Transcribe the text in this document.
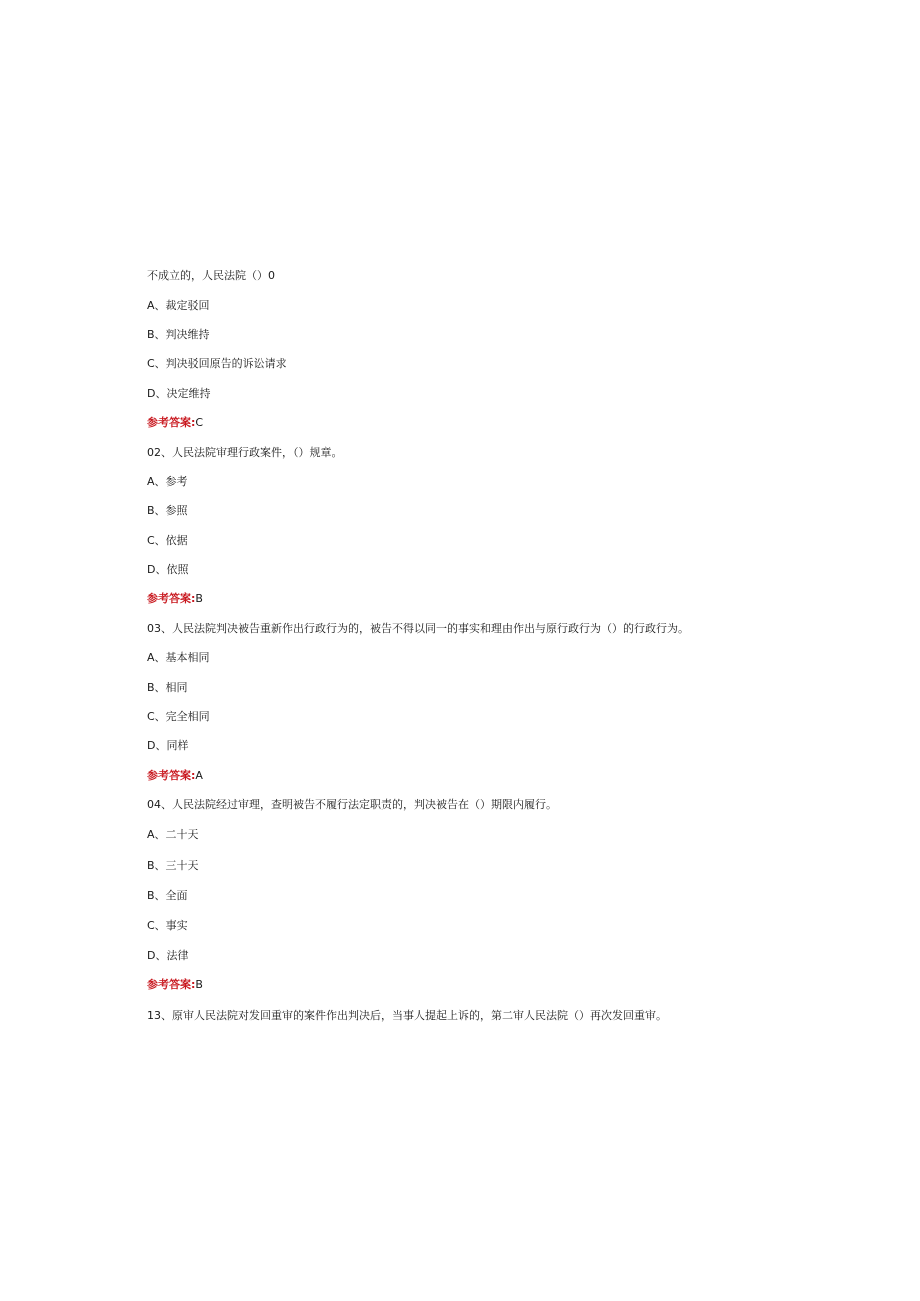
不成立的，人民法院（）0
A、裁定驳回
B、判决维持
C、判决驳回原告的诉讼请求
D、决定维持
参考答案:C
02、人民法院审理行政案件，（）规章。
A、参考
B、参照
C、依据
D、依照
参考答案:B
03、人民法院判决被告重新作出行政行为的，被告不得以同一的事实和理由作出与原行政行为（）的行政行为。
A、基本相同
B、相同
C、完全相同
D、同样
参考答案:A
04、人民法院经过审理，查明被告不履行法定职责的，判决被告在（）期限内履行。
A、二十天
B、三十天
B、全面
C、事实
D、法律
参考答案:B
13、原审人民法院对发回重审的案件作出判决后，当事人提起上诉的，第二审人民法院（）再次发回重审。
